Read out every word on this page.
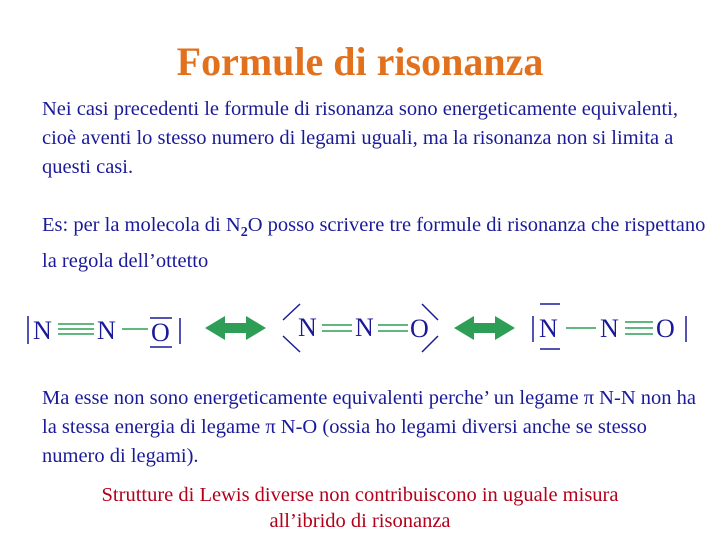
Formule di risonanza
Nei casi precedenti le formule di risonanza sono energeticamente equivalenti, cioè aventi lo stesso numero di legami uguali, ma la risonanza non si limita a questi casi.
Es: per la molecola di $N_2O$ posso scrivere tre formule di risonanza che rispettano la regola dell’ottetto
N N O	N N O	N N O
Ma esse non sono energeticamente equivalenti perche’ un legame π N-N non ha la stessa energia di legame π N-O (ossia ho legami diversi anche se stesso numero di legami).
Strutture di Lewis diverse non contribuiscono in uguale misura
all’ibrido di risonanza
